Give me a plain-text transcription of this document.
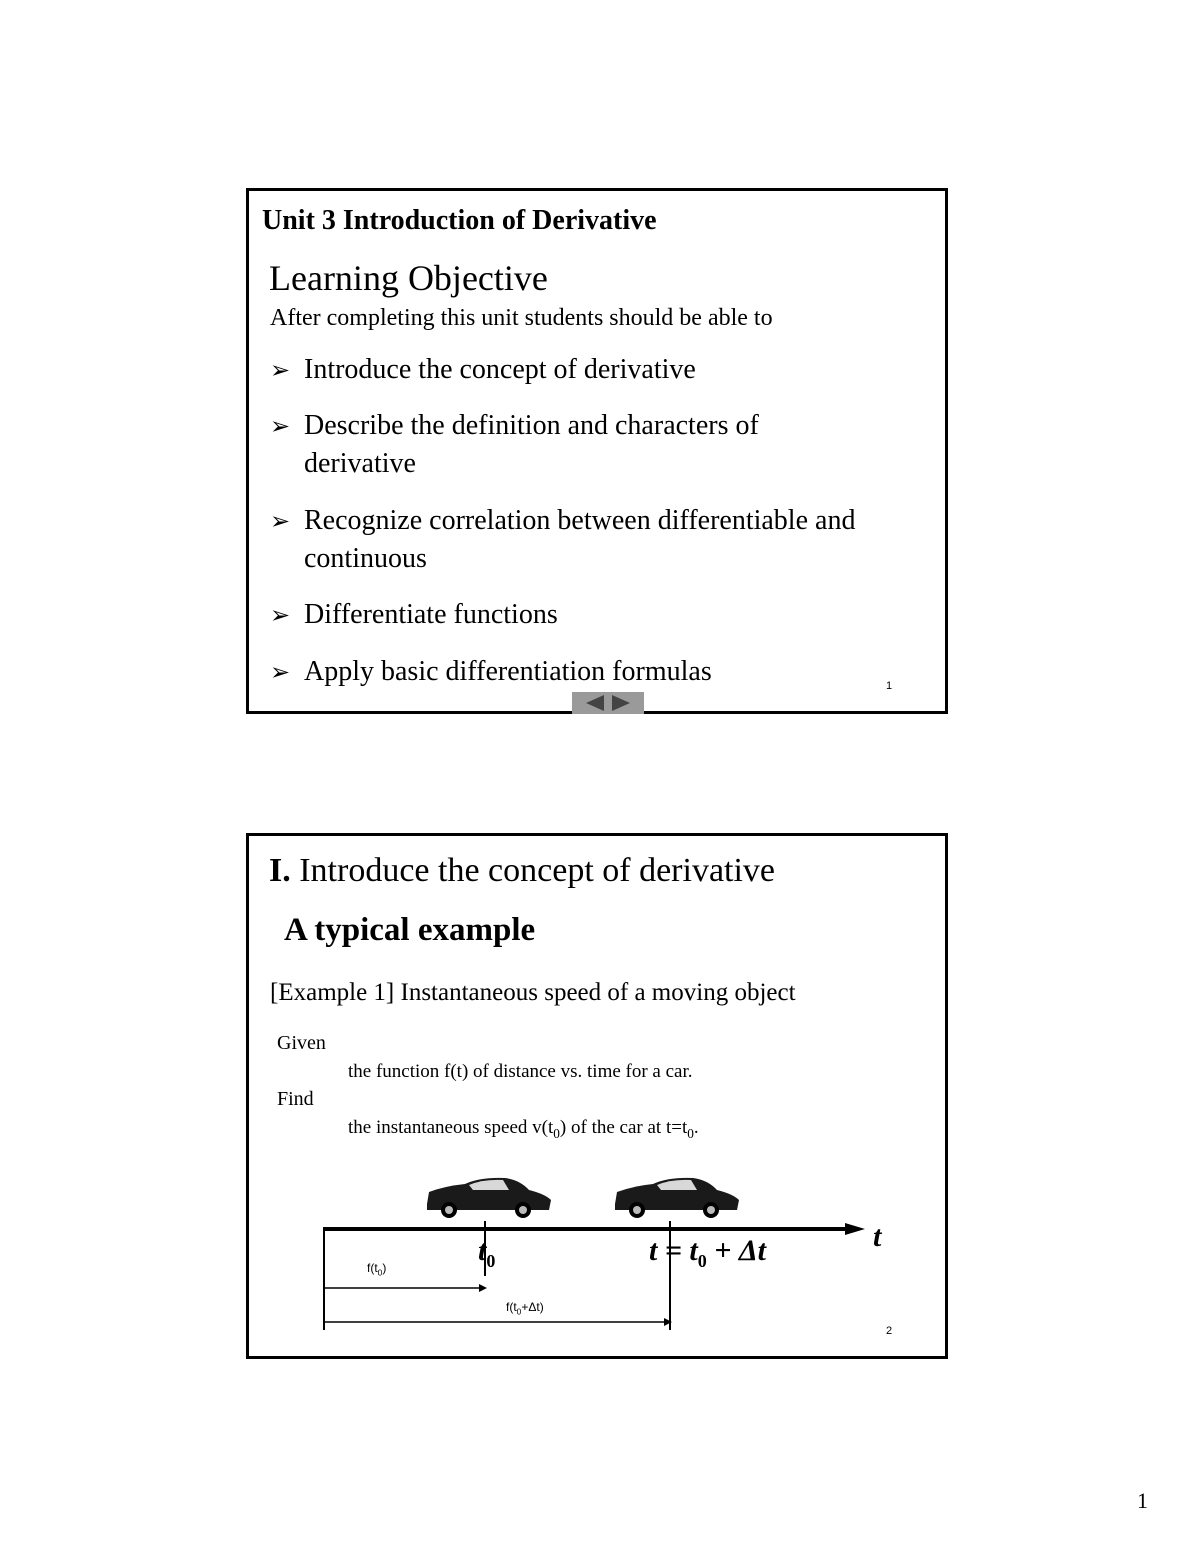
Unit 3 Introduction of Derivative
Learning Objective
After completing this unit students should be able to
➢ Introduce the concept of derivative
➢ Describe the definition and characters of
derivative
➢ Recognize correlation between differentiable and
continuous
➢ Differentiate functions
➢ Apply basic differentiation formulas	1
I. Introduce the concept of derivative
A typical example
[Example 1] Instantaneous speed of a moving object
Given
the function f(t) of distance vs. time for a car.
Find
the instantaneous speed $v(t_0)$ of the car at $t=t_0$.
$t_0$	$t = t_0 + \Delta t$	t
$f(t_0)$
$f(t_0+\Delta t)$
2
1
